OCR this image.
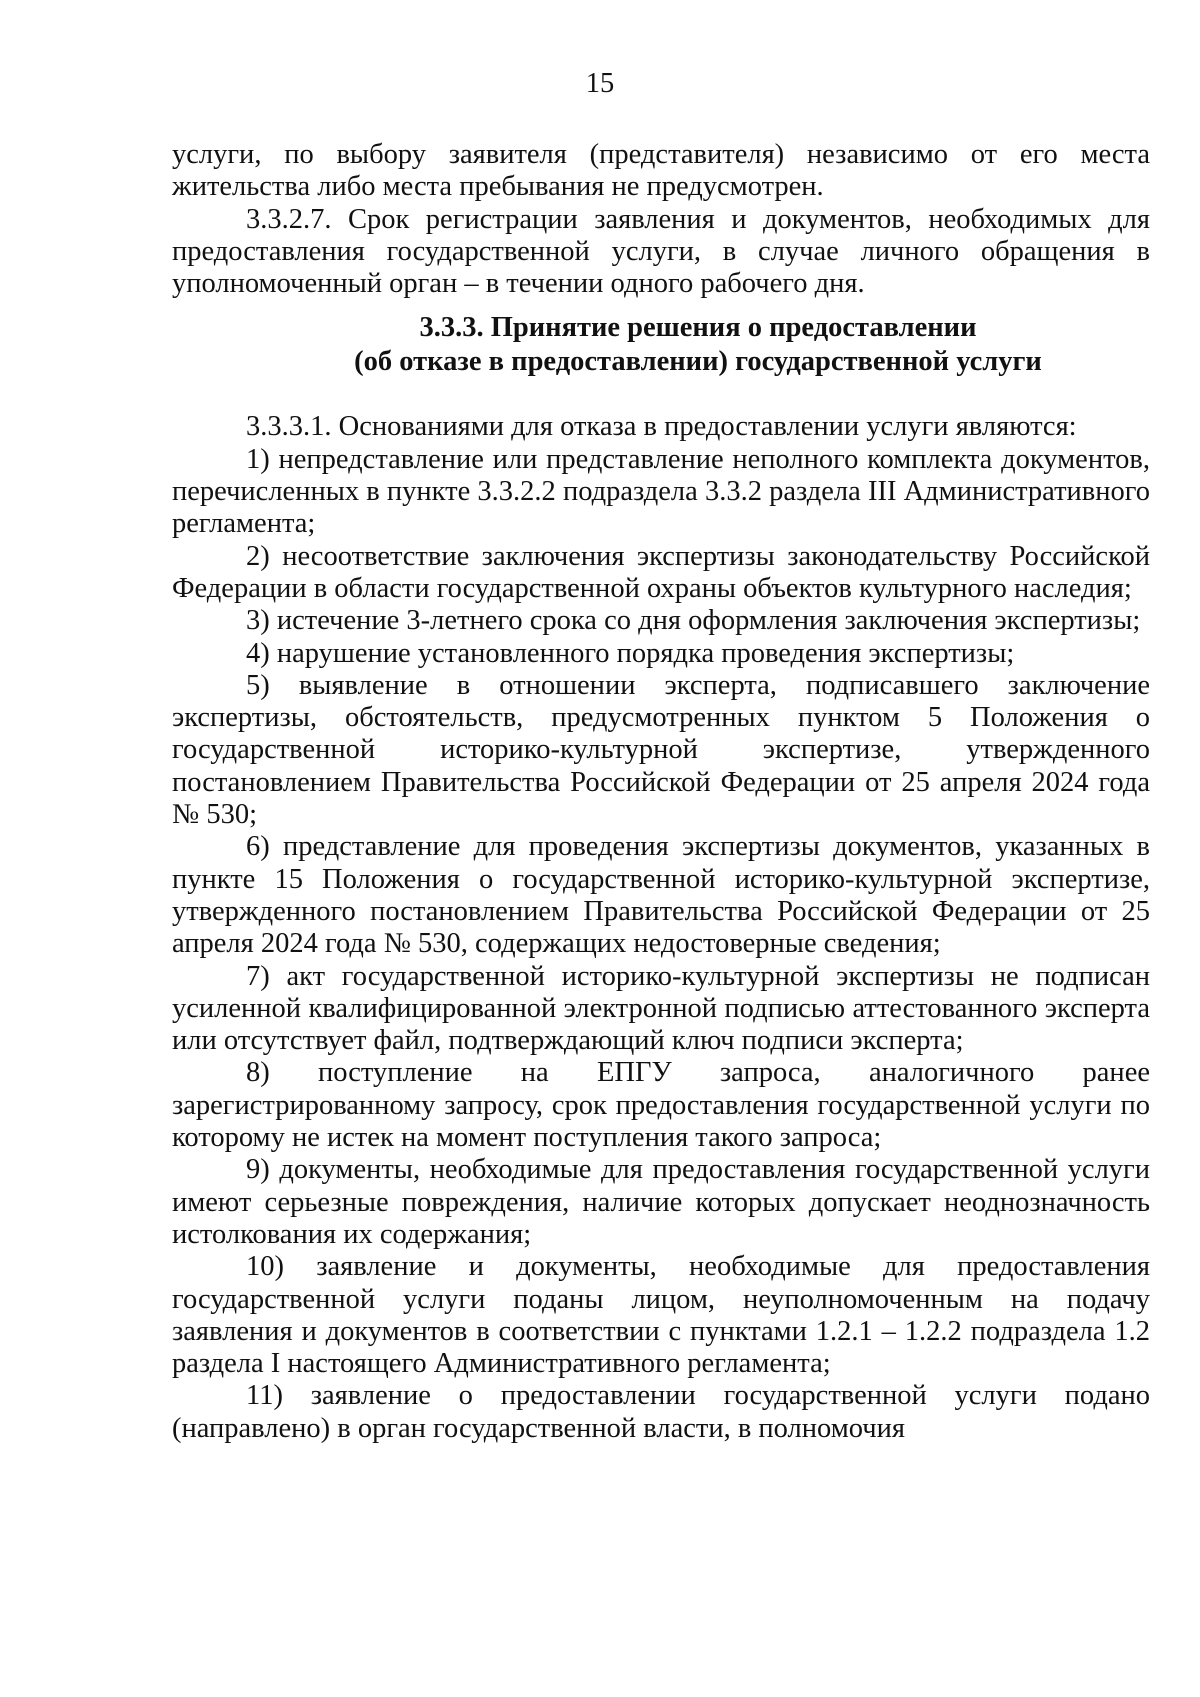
15

услуги, по выбору заявителя (представителя) независимо от его места жительства либо места пребывания не предусмотрен.

3.3.2.7. Срок регистрации заявления и документов, необходимых для предоставления государственной услуги, в случае личного обращения в уполномоченный орган – в течении одного рабочего дня.

3.3.3. Принятие решения о предоставлении
(об отказе в предоставлении) государственной услуги

3.3.3.1. Основаниями для отказа в предоставлении услуги являются:

1) непредставление или представление неполного комплекта документов, перечисленных в пункте 3.3.2.2 подраздела 3.3.2 раздела III Административного регламента;

2) несоответствие заключения экспертизы законодательству Российской Федерации в области государственной охраны объектов культурного наследия;

3) истечение 3-летнего срока со дня оформления заключения экспертизы;

4) нарушение установленного порядка проведения экспертизы;

5) выявление в отношении эксперта, подписавшего заключение экспертизы, обстоятельств, предусмотренных пунктом 5 Положения о государственной историко-культурной экспертизе, утвержденного постановлением Правительства Российской Федерации от 25 апреля 2024 года № 530;

6) представление для проведения экспертизы документов, указанных в пункте 15 Положения о государственной историко-культурной экспертизе, утвержденного постановлением Правительства Российской Федерации от 25 апреля 2024 года № 530, содержащих недостоверные сведения;

7) акт государственной историко-культурной экспертизы не подписан усиленной квалифицированной электронной подписью аттестованного эксперта или отсутствует файл, подтверждающий ключ подписи эксперта;

8) поступление на ЕПГУ запроса, аналогичного ранее зарегистрированному запросу, срок предоставления государственной услуги по которому не истек на момент поступления такого запроса;

9) документы, необходимые для предоставления государственной услуги имеют серьезные повреждения, наличие которых допускает неоднозначность истолкования их содержания;

10) заявление и документы, необходимые для предоставления государственной услуги поданы лицом, неуполномоченным на подачу заявления и документов в соответствии с пунктами 1.2.1 – 1.2.2 подраздела 1.2 раздела I настоящего Административного регламента;

11) заявление о предоставлении государственной услуги подано (направлено) в орган государственной власти, в полномочия
